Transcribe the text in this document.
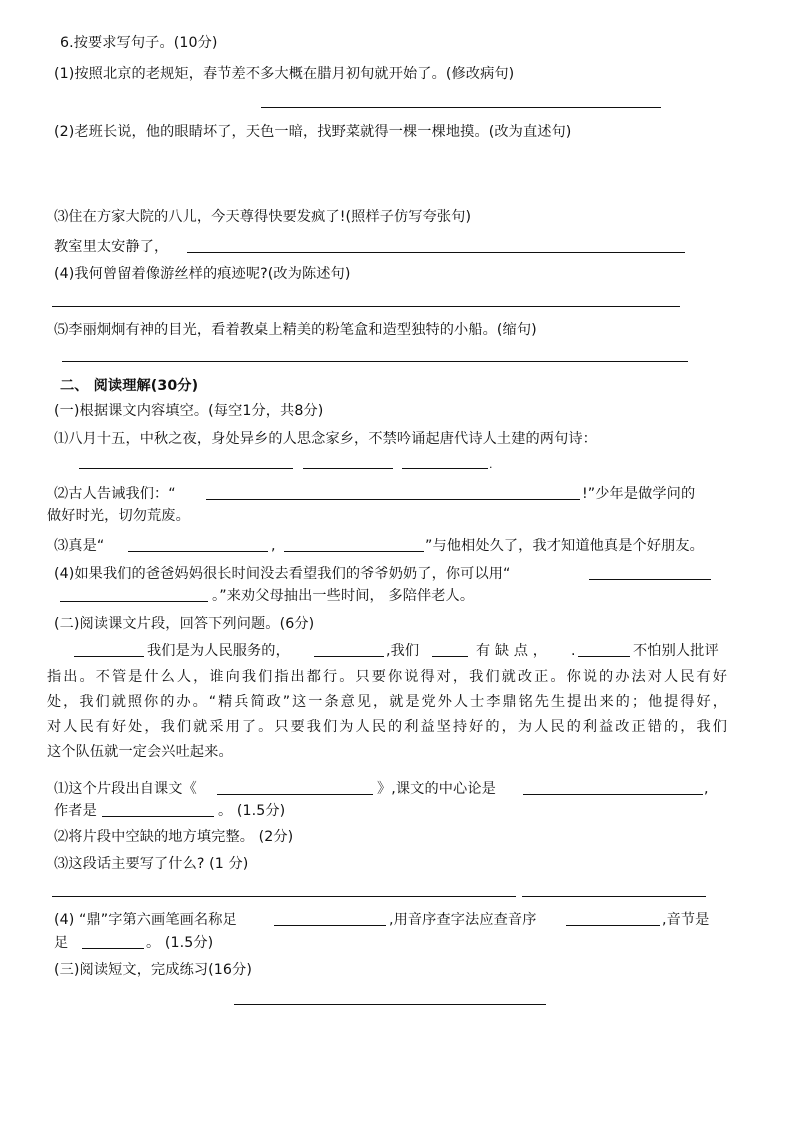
6.按要求写句子。(10分)
(1)按照北京的老规矩，春节差不多大概在腊月初旬就开始了。(修改病句)
(2)老班长说，他的眼睛坏了，天色一暗，找野菜就得一棵一棵地摸。(改为直述句)
⑶住在方家大院的八儿，今天尊得快要发疯了!(照样子仿写夸张句)
教室里太安静了，
(4)我何曾留着像游丝样的痕迹呢?(改为陈述句)
⑸李丽炯炯有神的目光，看着教桌上精美的粉笔盒和造型独特的小船。(缩句)
二、 阅读理解(30分)
(一)根据课文内容填空。(每空1分，共8分)
⑴八月十五，中秋之夜，身处异乡的人思念家乡，不禁吟诵起唐代诗人土建的两句诗：
.
⑵古人告诫我们：“	!”少年是做学问的
做好时光，切勿荒废。
⑶真是“	,	”与他相处久了，我才知道他真是个好朋友。
(4)如果我们的爸爸妈妈很长时间没去看望我们的爷爷奶奶了，你可以用“
。”来劝父母抽出一些时间， 多陪伴老人。
(二)阅读课文片段，回答下列问题。(6分)
我们是为人民服务的，	,我们	有 缺 点 ， .	不怕别人批评
指出。不管是什么人，谁向我们指出都行。只要你说得对，我们就改正。你说的办法对人民有好
处，我们就照你的办。“精兵简政”这一条意见，就是党外人士李鼎铭先生提出来的；他提得好，
对人民有好处，我们就采用了。只要我们为人民的利益坚持好的，为人民的利益改正错的，我们
这个队伍就一定会兴吐起来。
⑴这个片段出自课文《	》,课文的中心论是	,
作者是	。 (1.5分)
⑵将片段中空缺的地方填完整。 (2分)
⑶这段话主要写了什么? (1 分)
(4) “鼎”字第六画笔画名称足	,用音序查字法应查音序	,音节是
足	。 (1.5分)
(三)阅读短文，完成练习(16分)
